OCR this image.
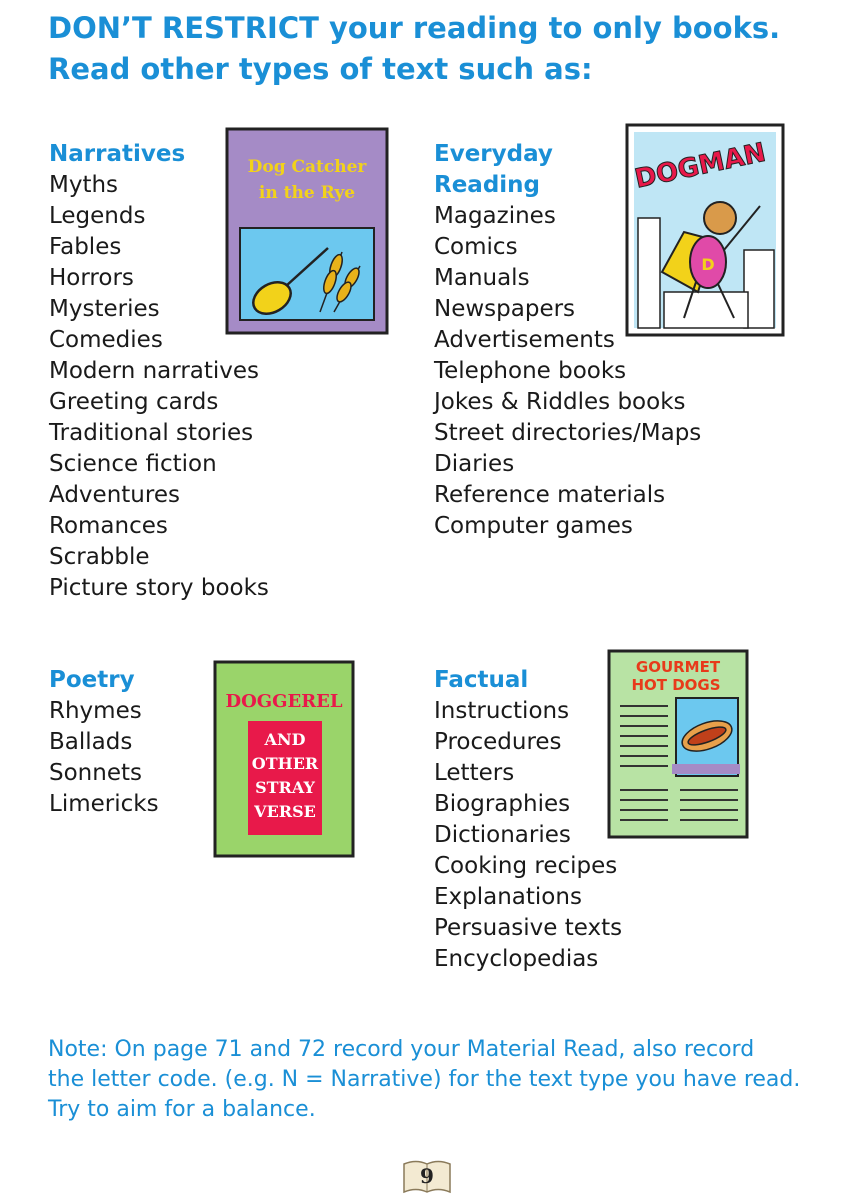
DON’T RESTRICT your reading to only books.
Read other types of text such as:
Narratives
Myths
Legends
Fables
Horrors
Mysteries
Comedies
Modern narratives
Greeting cards
Traditional stories
Science fiction
Adventures
Romances
Scrabble
Picture story books
Everyday
Reading
Magazines
Comics
Manuals
Newspapers
Advertisements
Telephone books
Jokes & Riddles books
Street directories/Maps
Diaries
Reference materials
Computer games
Poetry
Rhymes
Ballads
Sonnets
Limericks
Factual
Instructions
Procedures
Letters
Biographies
Dictionaries
Cooking recipes
Explanations
Persuasive texts
Encyclopedias
Dog Catcher
in the Rye	DOGMAN
D
DOGGEREL
AND
OTHER
STRAY
VERSE
GOURMET
HOT DOGS
Note: On page 71 and 72 record your Material Read, also record
the letter code. (e.g. N = Narrative) for the text type you have read.
Try to aim for a balance.
9
